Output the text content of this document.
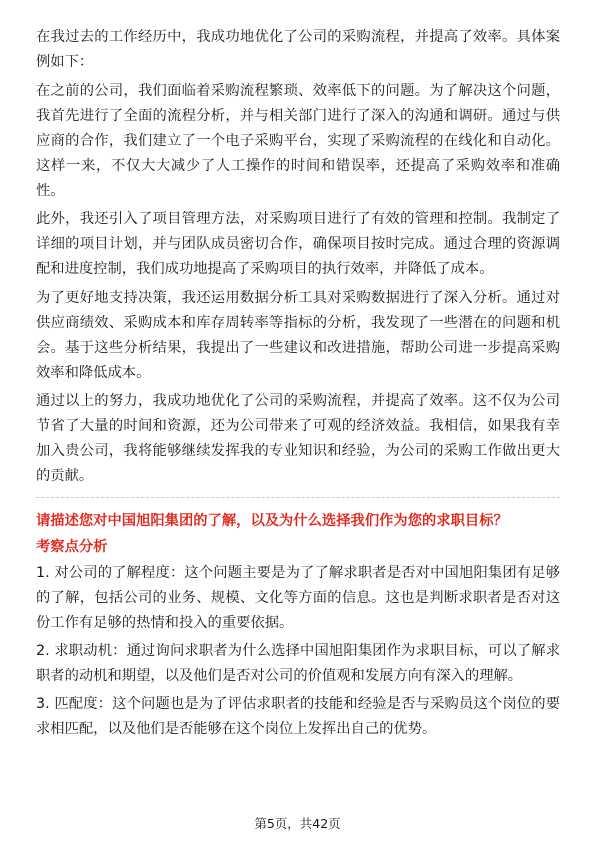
在我过去的工作经历中，我成功地优化了公司的采购流程，并提高了效率。具体案例如下：

在之前的公司，我们面临着采购流程繁琐、效率低下的问题。为了解决这个问题，我首先进行了全面的流程分析，并与相关部门进行了深入的沟通和调研。通过与供应商的合作，我们建立了一个电子采购平台，实现了采购流程的在线化和自动化。这样一来，不仅大大减少了人工操作的时间和错误率，还提高了采购效率和准确性。

此外，我还引入了项目管理方法，对采购项目进行了有效的管理和控制。我制定了详细的项目计划，并与团队成员密切合作，确保项目按时完成。通过合理的资源调配和进度控制，我们成功地提高了采购项目的执行效率，并降低了成本。

为了更好地支持决策，我还运用数据分析工具对采购数据进行了深入分析。通过对供应商绩效、采购成本和库存周转率等指标的分析，我发现了一些潜在的问题和机会。基于这些分析结果，我提出了一些建议和改进措施，帮助公司进一步提高采购效率和降低成本。

通过以上的努力，我成功地优化了公司的采购流程，并提高了效率。这不仅为公司节省了大量的时间和资源，还为公司带来了可观的经济效益。我相信，如果我有幸加入贵公司，我将能够继续发挥我的专业知识和经验，为公司的采购工作做出更大的贡献。

请描述您对中国旭阳集团的了解，以及为什么选择我们作为您的求职目标？

考察点分析

1. 对公司的了解程度：这个问题主要是为了了解求职者是否对中国旭阳集团有足够的了解，包括公司的业务、规模、文化等方面的信息。这也是判断求职者是否对这份工作有足够的热情和投入的重要依据。

2. 求职动机：通过询问求职者为什么选择中国旭阳集团作为求职目标，可以了解求职者的动机和期望，以及他们是否对公司的价值观和发展方向有深入的理解。

3. 匹配度：这个问题也是为了评估求职者的技能和经验是否与采购员这个岗位的要求相匹配，以及他们是否能够在这个岗位上发挥出自己的优势。

第5页，共42页
